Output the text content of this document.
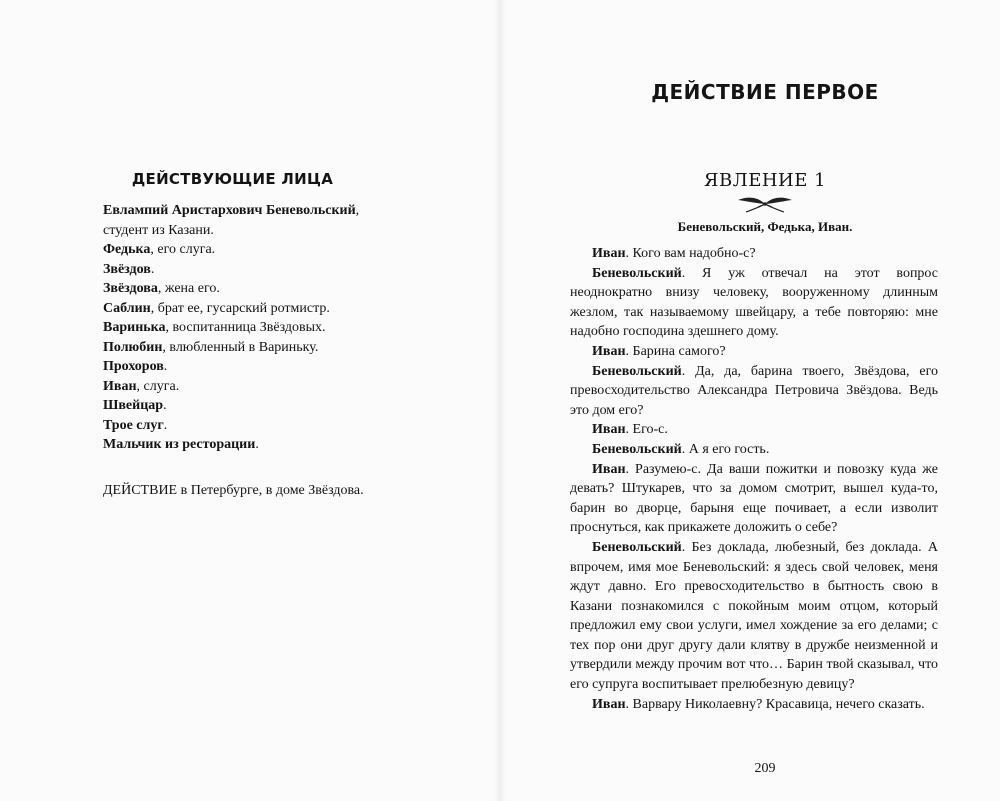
ДЕЙСТВУЮЩИЕ ЛИЦА

Евлампий Аристархович Беневольский,
студент из Казани.

Федька, его слуга.

Звёздов.

Звёздова, жена его.

Саблин, брат ее, гусарский ротмистр.

Варинька, воспитанница Звёздовых.

Полюбин, влюбленный в Вариньку.

Прохоров.

Иван, слуга.

Швейцар.

Трое слуг.

Мальчик из ресторации.

ДЕЙСТВИЕ в Петербурге, в доме Звёздова.

ДЕЙСТВИЕ ПЕРВОЕ
ЯВЛЕНИЕ 1
Беневольский, Федька, Иван.

Иван. Кого вам надобно-с?

Беневольский. Я уж отвечал на этот вопрос неоднократно внизу человеку, вооруженному длинным жезлом, так называемому швейцару, а тебе повторяю: мне надобно господина здешнего дому.

Иван. Барина самого?

Беневольский. Да, да, барина твоего, Звёздова, его превосходительство Александра Петровича Звёздова. Ведь это дом его?

Иван. Его-с.

Беневольский. А я его гость.

Иван. Разумею-с. Да ваши пожитки и повозку куда же девать? Штукарев, что за домом смотрит, вышел куда-то, барин во дворце, барыня еще почивает, а если изволит проснуться, как прикажете доложить о себе?

Беневольский. Без доклада, любезный, без доклада. А впрочем, имя мое Беневольский: я здесь свой человек, меня ждут давно. Его превосходительство в бытность свою в Казани познакомился с покойным моим отцом, который предложил ему свои услуги, имел хождение за его делами; с тех пор они друг другу дали клятву в дружбе неизменной и утвердили между прочим вот что… Барин твой сказывал, что его супруга воспитывает прелюбезную девицу?

Иван. Варвару Николаевну? Красавица, нечего сказать.

209
